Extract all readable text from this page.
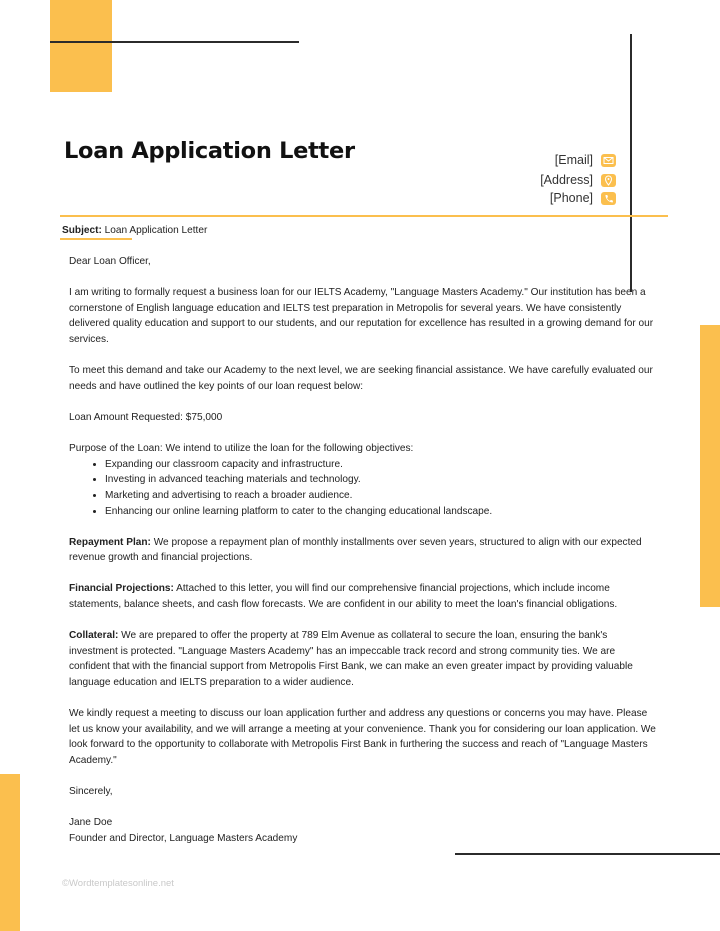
Loan Application Letter	[Email]
[Address]
[Phone]
Subject: Loan Application Letter

Dear Loan Officer,

I am writing to formally request a business loan for our IELTS Academy, "Language Masters Academy." Our institution has been a cornerstone of English language education and IELTS test preparation in Metropolis for several years. We have consistently delivered quality education and support to our students, and our reputation for excellence has resulted in a growing demand for our services.

To meet this demand and take our Academy to the next level, we are seeking financial assistance. We have carefully evaluated our needs and have outlined the key points of our loan request below:

Loan Amount Requested: $75,000

Purpose of the Loan: We intend to utilize the loan for the following objectives:

• Expanding our classroom capacity and infrastructure.
• Investing in advanced teaching materials and technology.
• Marketing and advertising to reach a broader audience.
• Enhancing our online learning platform to cater to the changing educational landscape.

Repayment Plan: We propose a repayment plan of monthly installments over seven years, structured to align with our expected revenue growth and financial projections.

Financial Projections: Attached to this letter, you will find our comprehensive financial projections, which include income statements, balance sheets, and cash flow forecasts. We are confident in our ability to meet the loan's financial obligations.

Collateral: We are prepared to offer the property at 789 Elm Avenue as collateral to secure the loan, ensuring the bank's investment is protected. "Language Masters Academy" has an impeccable track record and strong community ties. We are confident that with the financial support from Metropolis First Bank, we can make an even greater impact by providing valuable language education and IELTS preparation to a wider audience.

We kindly request a meeting to discuss our loan application further and address any questions or concerns you may have. Please let us know your availability, and we will arrange a meeting at your convenience. Thank you for considering our loan application. We look forward to the opportunity to collaborate with Metropolis First Bank in furthering the success and reach of "Language Masters Academy."

Sincerely,

Jane Doe
Founder and Director, Language Masters Academy

©Wordtemplatesonline.net
